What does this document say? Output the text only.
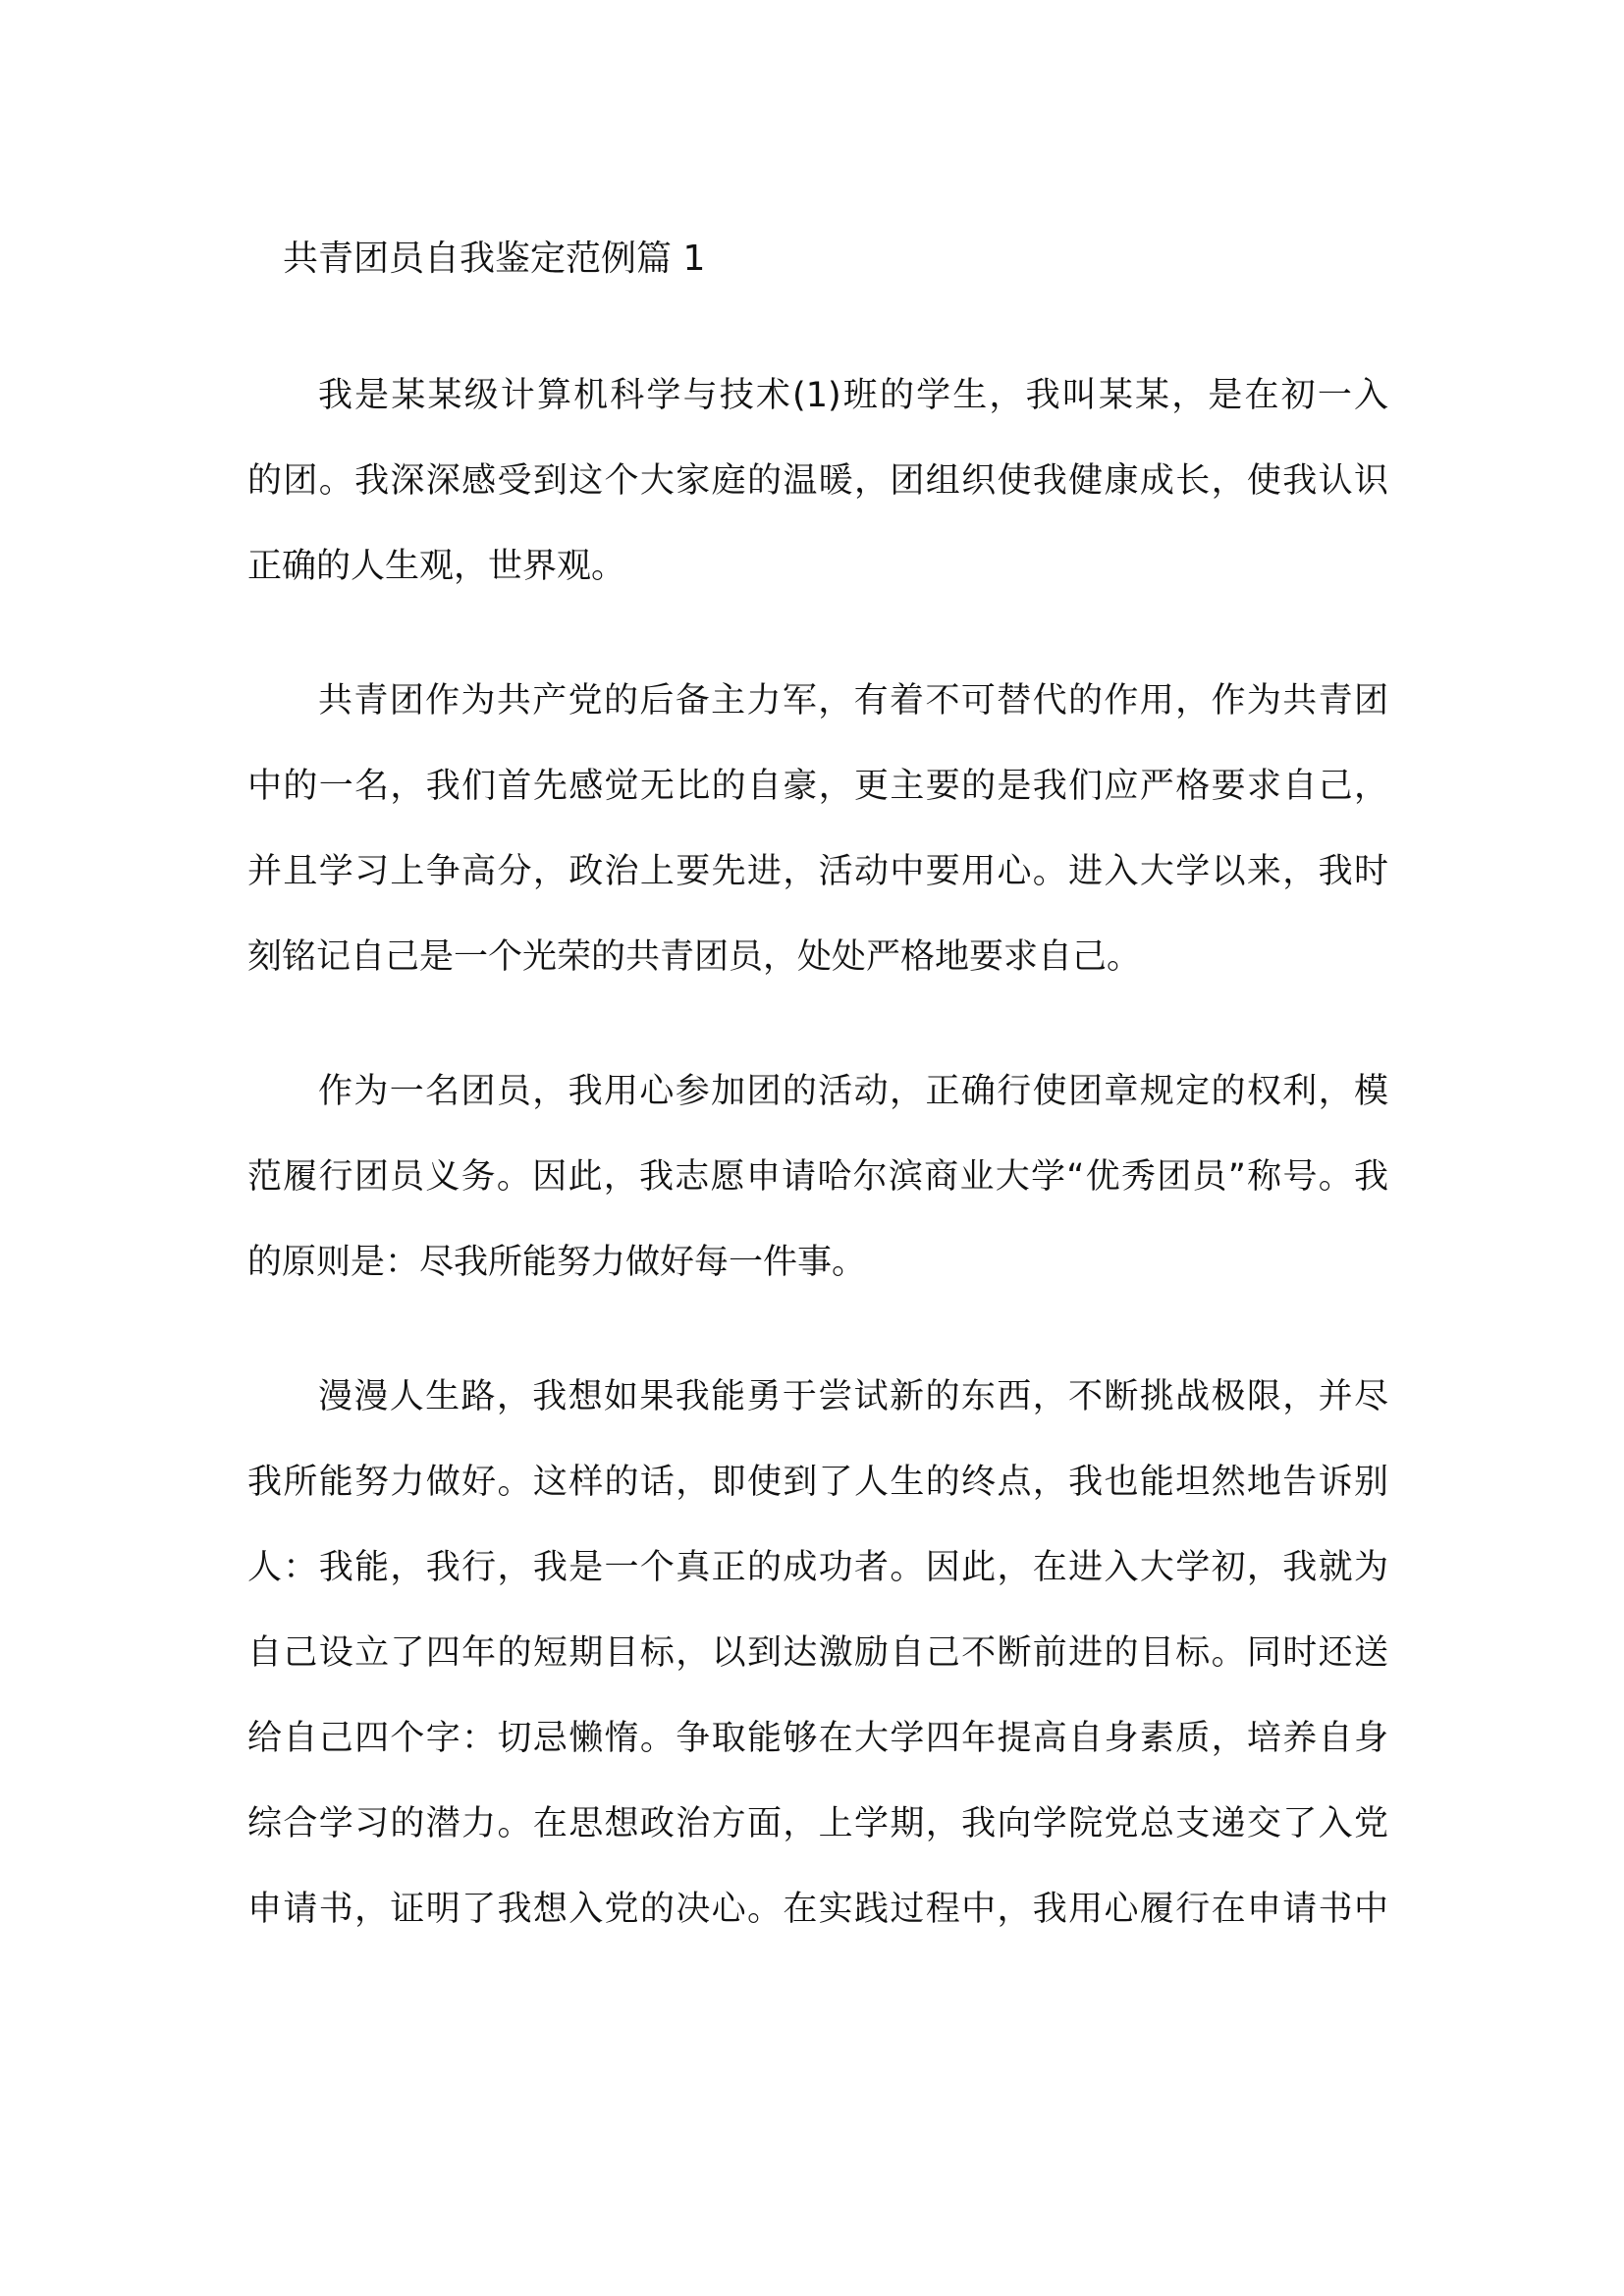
共青团员自我鉴定范例篇 1
我是某某级计算机科学与技术(1)班的学生，我叫某某，是在初一入
的团。我深深感受到这个大家庭的温暖，团组织使我健康成长，使我认识
正确的人生观，世界观。
共青团作为共产党的后备主力军，有着不可替代的作用，作为共青团
中的一名，我们首先感觉无比的自豪，更主要的是我们应严格要求自己，
并且学习上争高分，政治上要先进，活动中要用心。进入大学以来，我时
刻铭记自己是一个光荣的共青团员，处处严格地要求自己。
作为一名团员，我用心参加团的活动，正确行使团章规定的权利，模
范履行团员义务。因此，我志愿申请哈尔滨商业大学“优秀团员”称号。我
的原则是：尽我所能努力做好每一件事。
漫漫人生路，我想如果我能勇于尝试新的东西，不断挑战极限，并尽
我所能努力做好。这样的话，即使到了人生的终点，我也能坦然地告诉别
人：我能，我行，我是一个真正的成功者。因此，在进入大学初，我就为
自己设立了四年的短期目标，以到达激励自己不断前进的目标。同时还送
给自己四个字：切忌懒惰。争取能够在大学四年提高自身素质，培养自身
综合学习的潜力。在思想政治方面，上学期，我向学院党总支递交了入党
申请书，证明了我想入党的决心。在实践过程中，我用心履行在申请书中
